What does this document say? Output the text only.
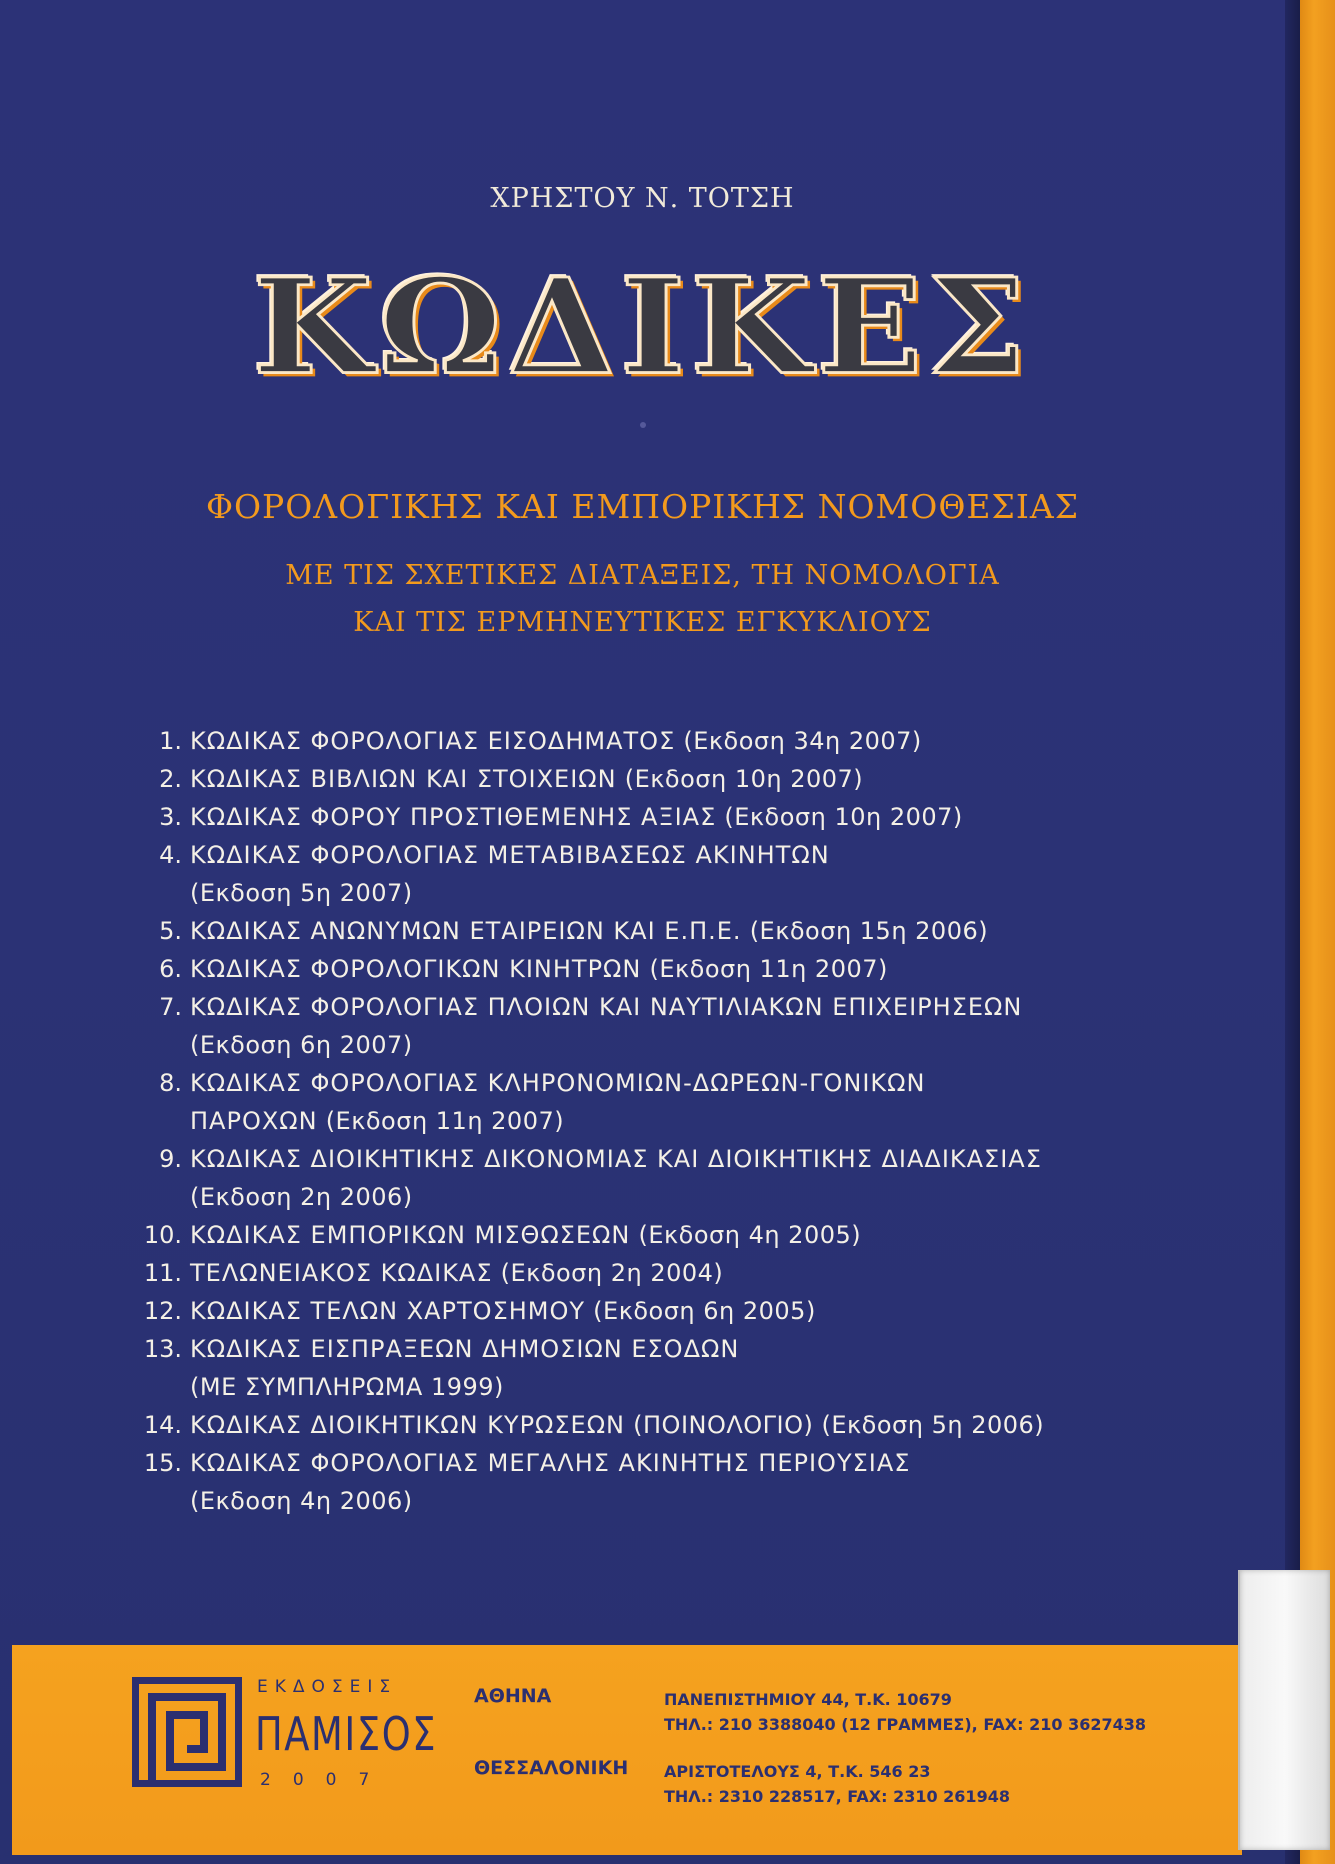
ΧΡΗΣΤΟΥ Ν. ΤΟΤΣΗ
ΚΩΔΙΚΕΣ
ΦΟΡΟΛΟΓΙΚΗΣ ΚΑΙ ΕΜΠΟΡΙΚΗΣ ΝΟΜΟΘΕΣΙΑΣ
ΜΕ ΤΙΣ ΣΧΕΤΙΚΕΣ ΔΙΑΤΑΞΕΙΣ, ΤΗ ΝΟΜΟΛΟΓΙΑ
ΚΑΙ ΤΙΣ ΕΡΜΗΝΕΥΤΙΚΕΣ ΕΓΚΥΚΛΙΟΥΣ
1. ΚΩΔΙΚΑΣ ΦΟΡΟΛΟΓΙΑΣ ΕΙΣΟΔΗΜΑΤΟΣ (Εκδοση 34η 2007)
2. ΚΩΔΙΚΑΣ ΒΙΒΛΙΩΝ ΚΑΙ ΣΤΟΙΧΕΙΩΝ (Εκδοση 10η 2007)
3. ΚΩΔΙΚΑΣ ΦΟΡΟΥ ΠΡΟΣΤΙΘΕΜΕΝΗΣ ΑΞΙΑΣ (Εκδοση 10η 2007)
4. ΚΩΔΙΚΑΣ ΦΟΡΟΛΟΓΙΑΣ ΜΕΤΑΒΙΒΑΣΕΩΣ ΑΚΙΝΗΤΩΝ
(Εκδοση 5η 2007)
5. ΚΩΔΙΚΑΣ ΑΝΩΝΥΜΩΝ ΕΤΑΙΡΕΙΩΝ ΚΑΙ Ε.Π.Ε. (Εκδοση 15η 2006)
6. ΚΩΔΙΚΑΣ ΦΟΡΟΛΟΓΙΚΩΝ ΚΙΝΗΤΡΩΝ (Εκδοση 11η 2007)
7. ΚΩΔΙΚΑΣ ΦΟΡΟΛΟΓΙΑΣ ΠΛΟΙΩΝ ΚΑΙ ΝΑΥΤΙΛΙΑΚΩΝ ΕΠΙΧΕΙΡΗΣΕΩΝ
(Εκδοση 6η 2007)
8. ΚΩΔΙΚΑΣ ΦΟΡΟΛΟΓΙΑΣ ΚΛΗΡΟΝΟΜΙΩΝ-ΔΩΡΕΩΝ-ΓΟΝΙΚΩΝ
ΠΑΡΟΧΩΝ (Εκδοση 11η 2007)
9. ΚΩΔΙΚΑΣ ΔΙΟΙΚΗΤΙΚΗΣ ΔΙΚΟΝΟΜΙΑΣ ΚΑΙ ΔΙΟΙΚΗΤΙΚΗΣ ΔΙΑΔΙΚΑΣΙΑΣ
(Εκδοση 2η 2006)
10. ΚΩΔΙΚΑΣ ΕΜΠΟΡΙΚΩΝ ΜΙΣΘΩΣΕΩΝ (Εκδοση 4η 2005)
11. ΤΕΛΩΝΕΙΑΚΟΣ ΚΩΔΙΚΑΣ (Εκδοση 2η 2004)
12. ΚΩΔΙΚΑΣ ΤΕΛΩΝ ΧΑΡΤΟΣΗΜΟΥ (Εκδοση 6η 2005)
13. ΚΩΔΙΚΑΣ ΕΙΣΠΡΑΞΕΩΝ ΔΗΜΟΣΙΩΝ ΕΣΟΔΩΝ
(ΜΕ ΣΥΜΠΛΗΡΩΜΑ 1999)
14. ΚΩΔΙΚΑΣ ΔΙΟΙΚΗΤΙΚΩΝ ΚΥΡΩΣΕΩΝ (ΠΟΙΝΟΛΟΓΙΟ) (Εκδοση 5η 2006)
15. ΚΩΔΙΚΑΣ ΦΟΡΟΛΟΓΙΑΣ ΜΕΓΑΛΗΣ ΑΚΙΝΗΤΗΣ ΠΕΡΙΟΥΣΙΑΣ
(Εκδοση 4η 2006)
ΕΚΔΟΣΕΙΣ
ΠΑΜΙΣΟΣ
2007
ΑΘΗΝΑ	ΠΑΝΕΠΙΣΤΗΜΙΟΥ 44, Τ.Κ. 10679
ΤΗΛ.: 210 3388040 (12 ΓΡΑΜΜΕΣ), FAX: 210 3627438
ΘΕΣΣΑΛΟΝΙΚΗ ΑΡΙΣΤΟΤΕΛΟΥΣ 4, Τ.Κ. 546 23
ΤΗΛ.: 2310 228517, FAX: 2310 261948
